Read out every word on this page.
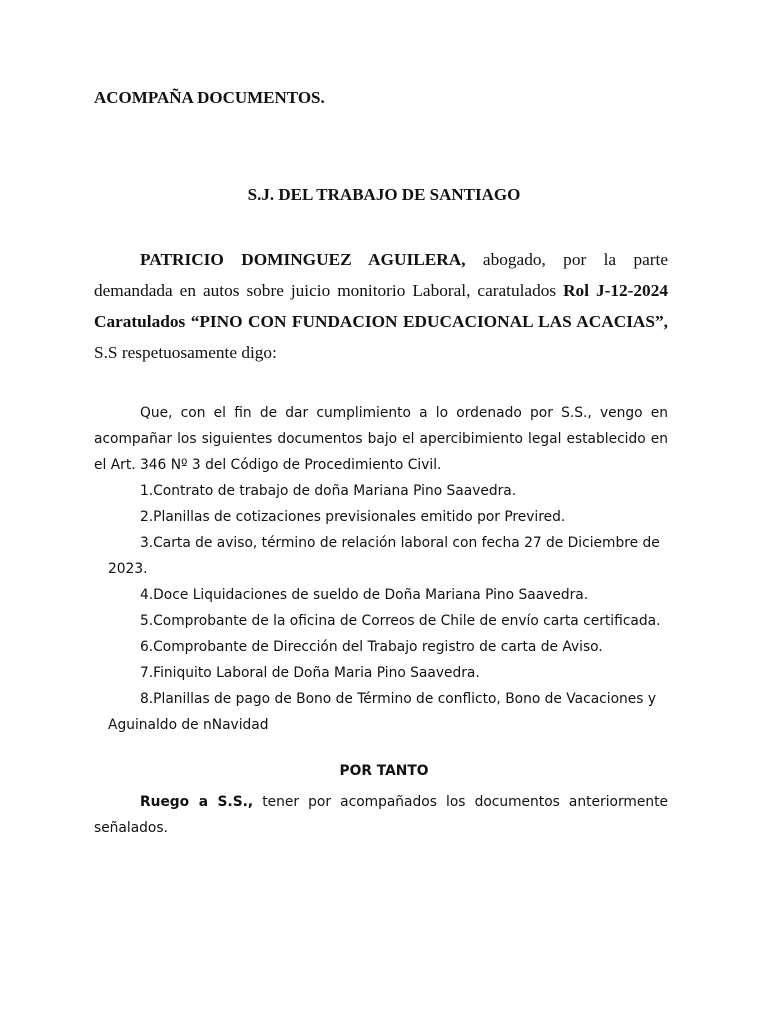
ACOMPAÑA DOCUMENTOS.
S.J. DEL TRABAJO DE SANTIAGO

PATRICIO DOMINGUEZ AGUILERA, abogado, por la parte demandada en autos sobre juicio monitorio Laboral, caratulados Rol J-12-2024 Caratulados “PINO CON FUNDACION EDUCACIONAL LAS ACACIAS”, S.S respetuosamente digo:

Que, con el fin de dar cumplimiento a lo ordenado por S.S., vengo en acompañar los siguientes documentos bajo el apercibimiento legal establecido en el Art. 346 Nº 3 del Código de Procedimiento Civil.

1.Contrato de trabajo de doña Mariana Pino Saavedra.
2.Planillas de cotizaciones previsionales emitido por Previred.
3.Carta de aviso, término de relación laboral con fecha 27 de Diciembre de 2023.
4.Doce Liquidaciones de sueldo de Doña Mariana Pino Saavedra.
5.Comprobante de la oficina de Correos de Chile de envío carta certificada.
6.Comprobante de Dirección del Trabajo registro de carta de Aviso.
7.Finiquito Laboral de Doña Maria Pino Saavedra.
8.Planillas de pago de Bono de Término de conflicto, Bono de Vacaciones y Aguinaldo de nNavidad

POR TANTO

Ruego a S.S., tener por acompañados los documentos anteriormente señalados.
